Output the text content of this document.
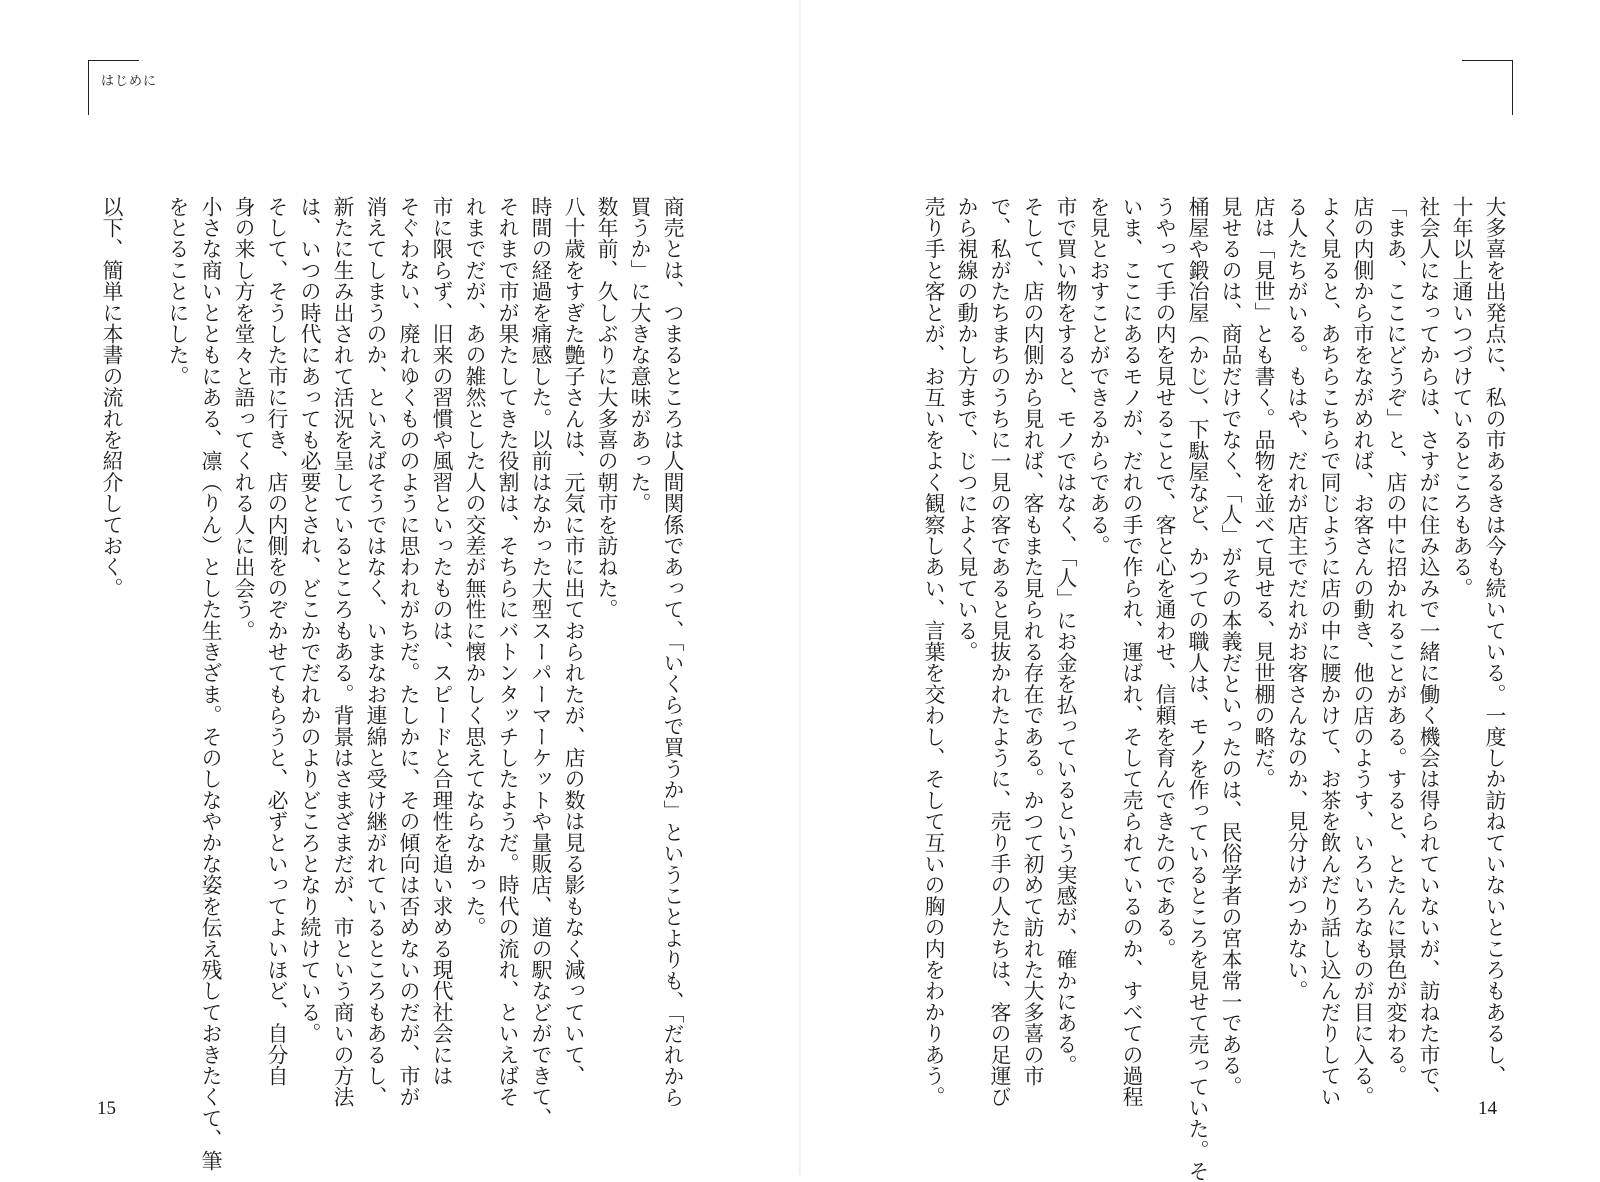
はじめに
大多喜を出発点に、私の市あるきは今も続いている。一度しか訪ねていないところもあるし、
十年以上通いつづけているところもある。
社会人になってからは、さすがに住み込みで一緒に働く機会は得られていないが、訪ねた市で、
「まあ、ここにどうぞ」と、店の中に招かれることがある。すると、とたんに景色が変わる。
店の内側から市をながめれば、お客さんの動き、他の店のようす、いろいろなものが目に入る。
よく見ると、あちらこちらで同じように店の中に腰かけて、お茶を飲んだり話し込んだりしてい
る人たちがいる。もはや、だれが店主でだれがお客さんなのか、見分けがつかない。
店は「見世」とも書く。品物を並べて見せる、見世棚の略だ。
見せるのは、商品だけでなく、「人」がその本義だといったのは、民俗学者の宮本常一である。
桶屋や鍛冶屋（かじ）、下駄屋など、かつての職人は、モノを作っているところを見せて売っていた。そ
うやって手の内を見せることで、客と心を通わせ、信頼を育んできたのである。
いま、ここにあるモノが、だれの手で作られ、運ばれ、そして売られているのか、すべての過程
を見とおすことができるからである。
市で買い物をすると、モノではなく、「人」にお金を払っているという実感が、確かにある。
そして、店の内側から見れば、客もまた見られる存在である。かつて初めて訪れた大多喜の市
で、私がたちまちのうちに一見の客であると見抜かれたように、売り手の人たちは、客の足運び
から視線の動かし方まで、じつによく見ている。
売り手と客とが、お互いをよく観察しあい、言葉を交わし、そして互いの胸の内をわかりあう。
商売とは、つまるところは人間関係であって、「いくらで買うか」ということよりも、「だれから
買うか」に大きな意味があった。
数年前、久しぶりに大多喜の朝市を訪ねた。
八十歳をすぎた艶子さんは、元気に市に出ておられたが、店の数は見る影もなく減っていて、
時間の経過を痛感した。以前はなかった大型スーパーマーケットや量販店、道の駅などができて、
それまで市が果たしてきた役割は、そちらにバトンタッチしたようだ。時代の流れ、といえばそ
れまでだが、あの雑然とした人の交差が無性に懐かしく思えてならなかった。
市に限らず、旧来の習慣や風習といったものは、スピードと合理性を追い求める現代社会には
そぐわない、廃れゆくもののように思われがちだ。たしかに、その傾向は否めないのだが、市が
消えてしまうのか、といえばそうではなく、いまなお連綿と受け継がれているところもあるし、
新たに生み出されて活況を呈しているところもある。背景はさまざまだが、市という商いの方法
は、いつの時代にあっても必要とされ、どこかでだれかのよりどころとなり続けている。
そして、そうした市に行き、店の内側をのぞかせてもらうと、必ずといってよいほど、自分自
身の来し方を堂々と語ってくれる人に出会う。
小さな商いとともにある、凛（りん）とした生きざま。そのしなやかな姿を伝え残しておきたくて、筆
をとることにした。
以下、簡単に本書の流れを紹介しておく。
15	14
